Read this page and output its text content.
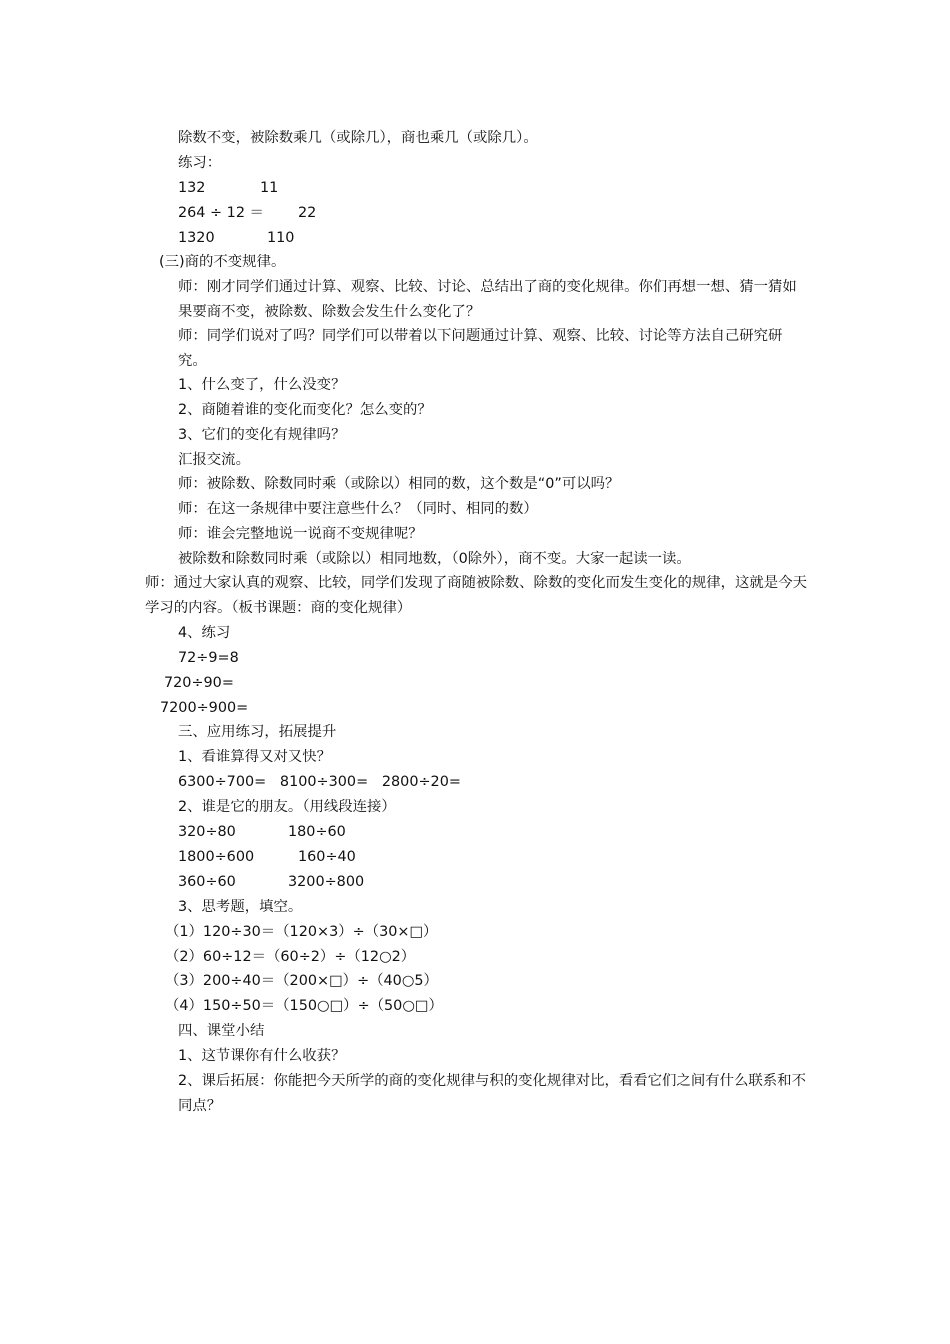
除数不变，被除数乘几（或除几），商也乘几（或除几）。
练习：
132	11
264 ÷ 12 ＝ 22
1320	110
(三)商的不变规律。
师：刚才同学们通过计算、观察、比较、讨论、总结出了商的变化规律。你们再想一想、猜一猜如果要商不变，被除数、除数会发生什么变化了？
师：同学们说对了吗？同学们可以带着以下问题通过计算、观察、比较、讨论等方法自己研究研究。
1、什么变了，什么没变？
2、商随着谁的变化而变化？怎么变的？
3、它们的变化有规律吗？
汇报交流。
师：被除数、除数同时乘（或除以）相同的数，这个数是“0”可以吗？
师：在这一条规律中要注意些什么？（同时、相同的数）
师：谁会完整地说一说商不变规律呢？
被除数和除数同时乘（或除以）相同地数，（0除外），商不变。大家一起读一读。
师：通过大家认真的观察、比较，同学们发现了商随被除数、除数的变化而发生变化的规律，这就是今天学习的内容。（板书课题：商的变化规律）
4、练习
72÷9=8
720÷90=
7200÷900=
三、应用练习，拓展提升
1、看谁算得又对又快？
6300÷700=   8100÷300=   2800÷20=
2、谁是它的朋友。（用线段连接）
320÷80	180÷60
1800÷600	160÷40
360÷60	3200÷800
3、思考题，填空。
（1）120÷30＝（120×3）÷（30×□）
（2）60÷12＝（60÷2）÷（12○2）
（3）200÷40＝（200×□）÷（40○5）
（4）150÷50＝（150○□）÷（50○□）
四、课堂小结
1、这节课你有什么收获？
2、课后拓展：你能把今天所学的商的变化规律与积的变化规律对比，看看它们之间有什么联系和不同点？
